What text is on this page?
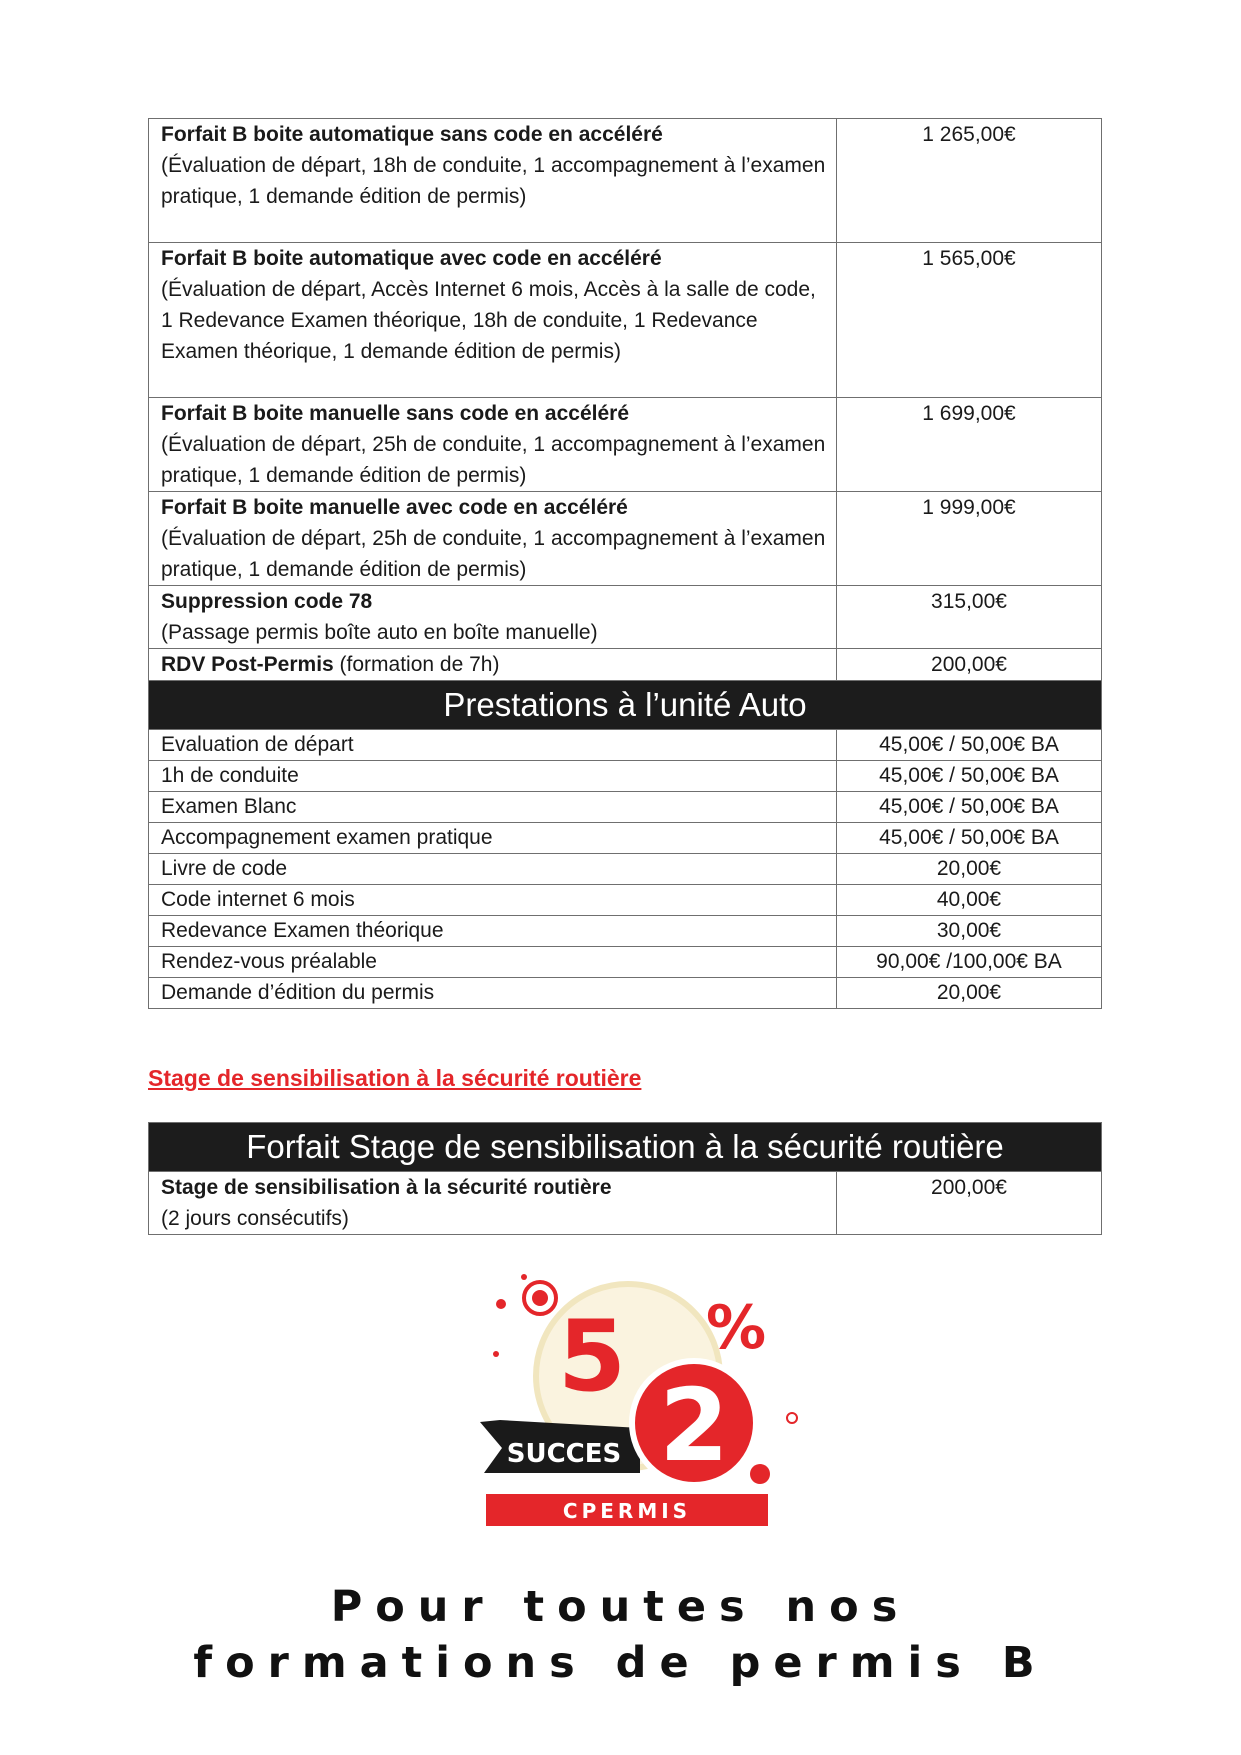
Forfait B boite automatique sans code en accéléré
(Évaluation de départ, 18h de conduite, 1 accompagnement à l’examen pratique, 1 demande édition de permis)	1 265,00€
Forfait B boite automatique avec code en accéléré
(Évaluation de départ, Accès Internet 6 mois, Accès à la salle de code, 1 Redevance Examen théorique, 18h de conduite, 1 Redevance Examen théorique, 1 demande édition de permis)	1 565,00€
Forfait B boite manuelle sans code en accéléré
(Évaluation de départ, 25h de conduite, 1 accompagnement à l’examen pratique, 1 demande édition de permis)	1 699,00€
Forfait B boite manuelle avec code en accéléré
(Évaluation de départ, 25h de conduite, 1 accompagnement à l’examen pratique, 1 demande édition de permis)	1 999,00€
Suppression code 78
(Passage permis boîte auto en boîte manuelle)	315,00€
RDV Post-Permis (formation de 7h)	200,00€
Prestations à l’unité Auto
Evaluation de départ	45,00€ / 50,00€ BA
1h de conduite	45,00€ / 50,00€ BA
Examen Blanc	45,00€ / 50,00€ BA
Accompagnement examen pratique	45,00€ / 50,00€ BA
Livre de code	20,00€
Code internet 6 mois	40,00€
Redevance Examen théorique	30,00€
Rendez-vous préalable	90,00€ /100,00€ BA
Demande d’édition du permis	20,00€
Stage de sensibilisation à la sécurité routière
Forfait Stage de sensibilisation à la sécurité routière
Stage de sensibilisation à la sécurité routière
(2 jours consécutifs)
	200,00€
5 %
SUCCES 2
CPERMIS
Pour toutes nos
formations de permis B
